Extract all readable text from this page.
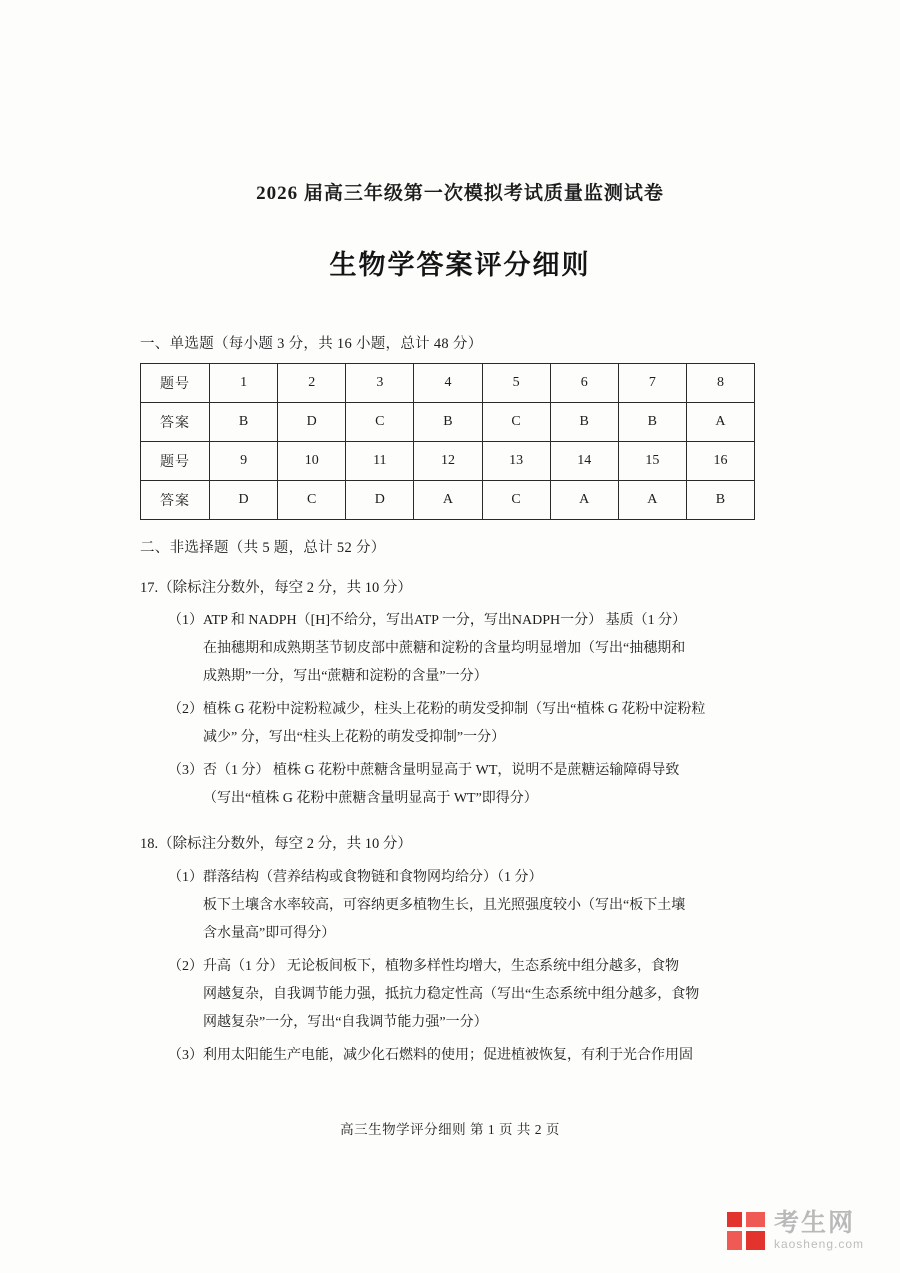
2026 届高三年级第一次模拟考试质量监测试卷
生物学答案评分细则
一、单选题（每小题 3 分，共 16 小题，总计 48 分）
题号	1	2	3	4	5	6	7	8
答案	B	D	C	B	C	B	B	A
题号	9	10	11	12	13	14	15	16
答案	D	C	D	A	C	A	A	B
二、非选择题（共 5 题，总计 52 分）
17.（除标注分数外，每空 2 分，共 10 分）
（1） ATP 和 NADPH（[H]不给分，写出ATP 一分，写出NADPH一分） 基质（1 分）
在抽穗期和成熟期茎节韧皮部中蔗糖和淀粉的含量均明显增加（写出“抽穗期和
成熟期”一分，写出“蔗糖和淀粉的含量”一分）
（2） 植株 G 花粉中淀粉粒减少，柱头上花粉的萌发受抑制（写出“植株 G 花粉中淀粉粒
减少” 分，写出“柱头上花粉的萌发受抑制”一分）
（3） 否（1 分） 植株 G 花粉中蔗糖含量明显高于 WT，说明不是蔗糖运输障碍导致
（写出“植株 G 花粉中蔗糖含量明显高于 WT”即得分）
18.（除标注分数外，每空 2 分，共 10 分）
（1） 群落结构（营养结构或食物链和食物网均给分）（1 分）
板下土壤含水率较高，可容纳更多植物生长，且光照强度较小（写出“板下土壤
含水量高”即可得分）
（2） 升高（1 分） 无论板间板下，植物多样性均增大，生态系统中组分越多，食物
网越复杂，自我调节能力强，抵抗力稳定性高（写出“生态系统中组分越多，食物
网越复杂”一分，写出“自我调节能力强”一分）
（3） 利用太阳能生产电能，减少化石燃料的使用；促进植被恢复，有利于光合作用固
高三生物学评分细则 第 1 页 共 2 页
考生网
kaosheng.com
